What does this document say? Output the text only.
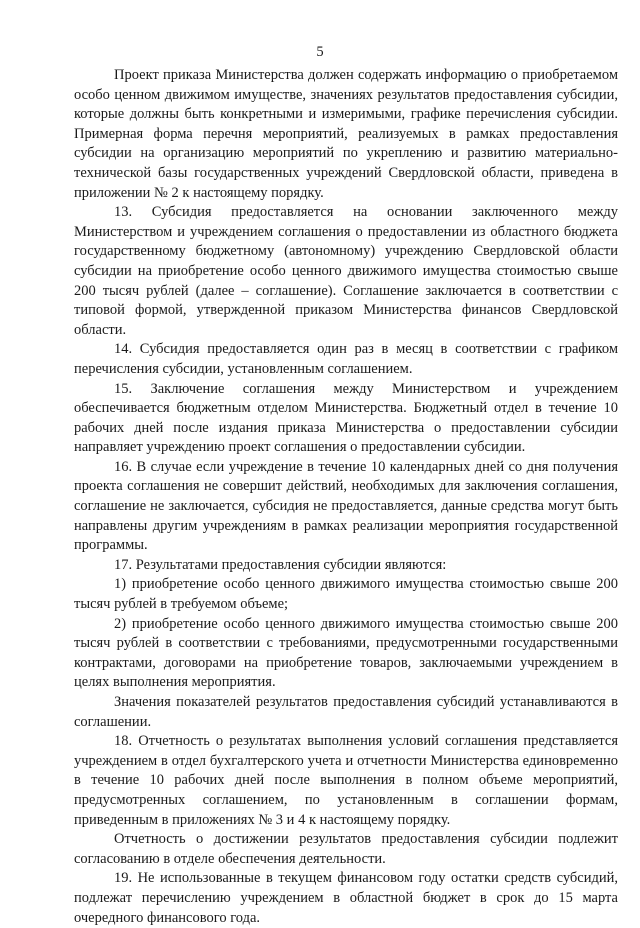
5

Проект приказа Министерства должен содержать информацию о приобретаемом особо ценном движимом имуществе, значениях результатов предоставления субсидии, которые должны быть конкретными и измеримыми, графике перечисления субсидии. Примерная форма перечня мероприятий, реализуемых в рамках предоставления субсидии на организацию мероприятий по укреплению и развитию материально-технической базы государственных учреждений Свердловской области, приведена в приложении № 2 к настоящему порядку.

13. Субсидия предоставляется на основании заключенного между Министерством и учреждением соглашения о предоставлении из областного бюджета государственному бюджетному (автономному) учреждению Свердловской области субсидии на приобретение особо ценного движимого имущества стоимостью свыше 200 тысяч рублей (далее – соглашение). Соглашение заключается в соответствии с типовой формой, утвержденной приказом Министерства финансов Свердловской области.

14. Субсидия предоставляется один раз в месяц в соответствии с графиком перечисления субсидии, установленным соглашением.

15. Заключение соглашения между Министерством и учреждением обеспечивается бюджетным отделом Министерства. Бюджетный отдел в течение 10 рабочих дней после издания приказа Министерства о предоставлении субсидии направляет учреждению проект соглашения о предоставлении субсидии.

16. В случае если учреждение в течение 10 календарных дней со дня получения проекта соглашения не совершит действий, необходимых для заключения соглашения, соглашение не заключается, субсидия не предоставляется, данные средства могут быть направлены другим учреждениям в рамках реализации мероприятия государственной программы.

17. Результатами предоставления субсидии являются:

1) приобретение особо ценного движимого имущества стоимостью свыше 200 тысяч рублей в требуемом объеме;

2) приобретение особо ценного движимого имущества стоимостью свыше 200 тысяч рублей в соответствии с требованиями, предусмотренными государственными контрактами, договорами на приобретение товаров, заключаемыми учреждением в целях выполнения мероприятия.

Значения показателей результатов предоставления субсидий устанавливаются в соглашении.

18. Отчетность о результатах выполнения условий соглашения представляется учреждением в отдел бухгалтерского учета и отчетности Министерства единовременно в течение 10 рабочих дней после выполнения в полном объеме мероприятий, предусмотренных соглашением, по установленным в соглашении формам, приведенным в приложениях № 3 и 4 к настоящему порядку.

Отчетность о достижении результатов предоставления субсидии подлежит согласованию в отделе обеспечения деятельности.

19. Не использованные в текущем финансовом году остатки средств субсидий, подлежат перечислению учреждением в областной бюджет в срок до 15 марта очередного финансового года.
